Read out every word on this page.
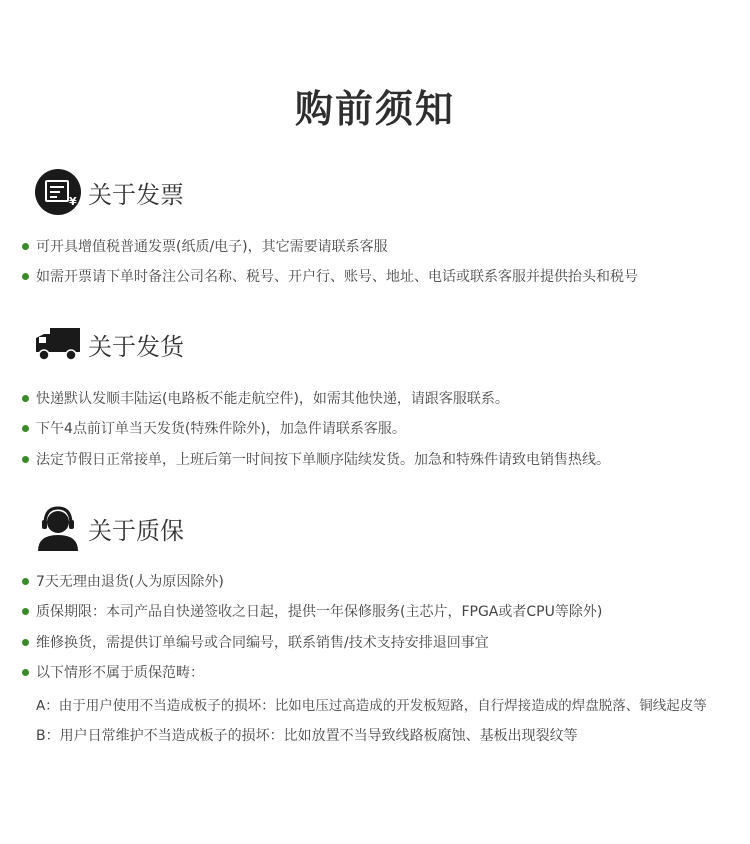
购前须知
¥ 关于发票
可开具增值税普通发票(纸质/电子)，其它需要请联系客服
如需开票请下单时备注公司名称、税号、开户行、账号、地址、电话或联系客服并提供抬头和税号
关于发货
快递默认发顺丰陆运(电路板不能走航空件)，如需其他快递，请跟客服联系。
下午4点前订单当天发货(特殊件除外)，加急件请联系客服。
法定节假日正常接单，上班后第一时间按下单顺序陆续发货。加急和特殊件请致电销售热线。
关于质保
7天无理由退货(人为原因除外)
质保期限：本司产品自快递签收之日起，提供一年保修服务(主芯片，FPGA或者CPU等除外)
维修换货，需提供订单编号或合同编号，联系销售/技术支持安排退回事宜
以下情形不属于质保范畴：
A：由于用户使用不当造成板子的损坏：比如电压过高造成的开发板短路，自行焊接造成的焊盘脱落、铜线起皮等
B：用户日常维护不当造成板子的损坏：比如放置不当导致线路板腐蚀、基板出现裂纹等
